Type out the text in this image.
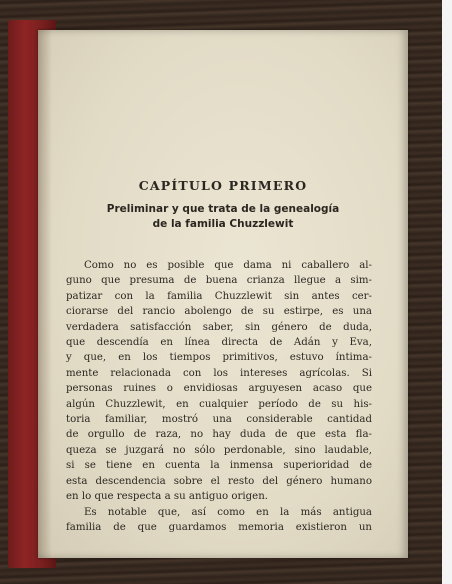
CAPÍTULO PRIMERO
Preliminar y que trata de la genealogía
de la familia Chuzzlewit

Como no es posible que dama ni caballero al-
guno que presuma de buena crianza llegue a sim-
patizar con la familia Chuzzlewit sin antes cer-
ciorarse del rancio abolengo de su estirpe, es una
verdadera satisfacción saber, sin género de duda,
que descendía en línea directa de Adán y Eva,
y que, en los tiempos primitivos, estuvo íntima-
mente relacionada con los intereses agrícolas. Si
personas ruines o envidiosas arguyesen acaso que
algún Chuzzlewit, en cualquier período de su his-
toria familiar, mostró una considerable cantidad
de orgullo de raza, no hay duda de que esta fla-
queza se juzgará no sólo perdonable, sino laudable,
si se tiene en cuenta la inmensa superioridad de
esta descendencia sobre el resto del género humano
en lo que respecta a su antiguo origen.

Es notable que, así como en la más antigua
familia de que guardamos memoria existieron un
